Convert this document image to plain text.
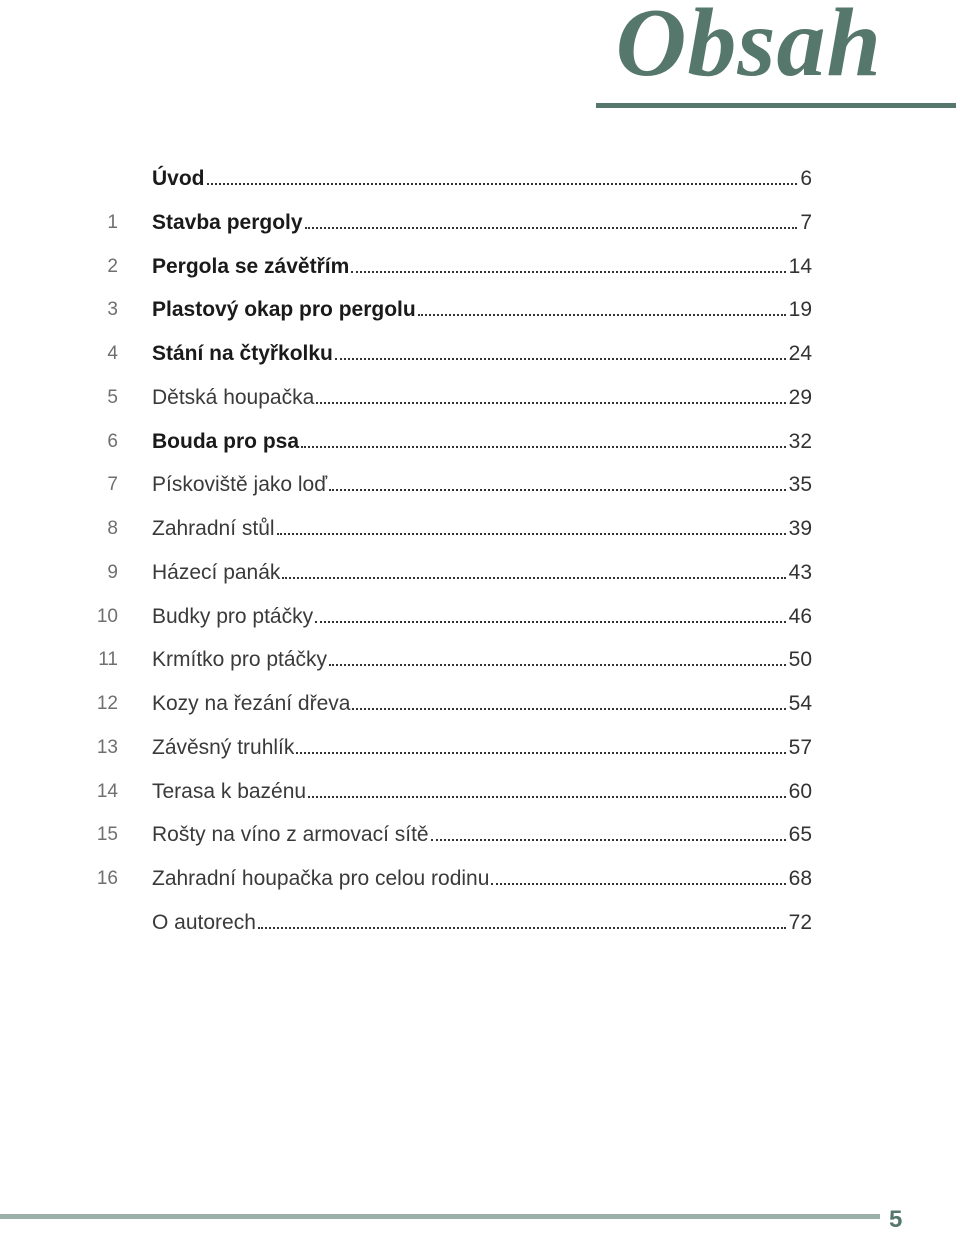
Obsah
Úvod	6
1 Stavba pergoly	7
2 Pergola se závětřím	14
3 Plastový okap pro pergolu	19
4 Stání na čtyřkolku	24
5 Dětská houpačka	29
6 Bouda pro psa	32
7 Pískoviště jako loď	35
8 Zahradní stůl	39
9 Házecí panák	43
10 Budky pro ptáčky	46
11 Krmítko pro ptáčky	50
12 Kozy na řezání dřeva	54
13 Závěsný truhlík	57
14 Terasa k bazénu	60
15 Rošty na víno z armovací sítě	65
16 Zahradní houpačka pro celou rodinu	68
O autorech	72
5
